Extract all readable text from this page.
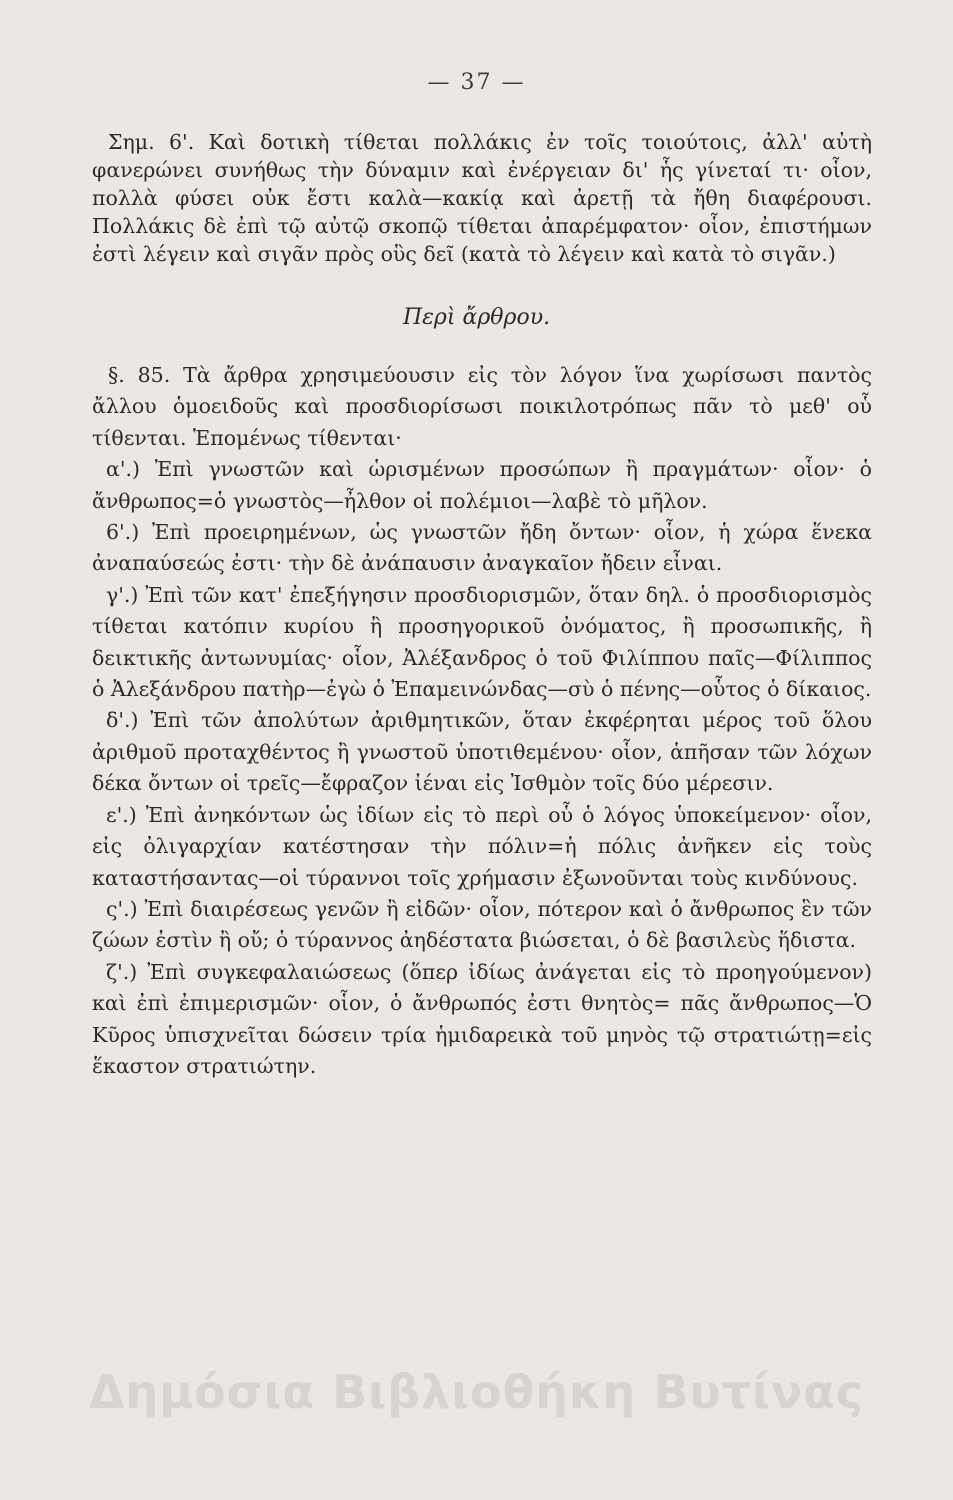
— 37 —

Σημ. 6'. Καὶ δοτικὴ τίθεται πολλάκις ἐν τοῖς τοιούτοις, ἀλλ' αὐτὴ φανερώνει συνήθως τὴν δύναμιν καὶ ἐνέργειαν δι' ἧς γίνεταί τι· οἷον, πολλὰ φύσει οὐκ ἔστι καλὰ—κακίᾳ καὶ ἀρετῇ τὰ ἤθη διαφέρουσι. Πολλάκις δὲ ἐπὶ τῷ αὐτῷ σκοπῷ τίθεται ἀπαρέμφατον· οἷον, ἐπιστήμων ἐστὶ λέγειν καὶ σιγᾶν πρὸς οὓς δεῖ (κατὰ τὸ λέγειν καὶ κατὰ τὸ σιγᾶν.)

Περὶ ἄρθρου.

§. 85. Τὰ ἄρθρα χρησιμεύουσιν εἰς τὸν λόγον ἵνα χωρίσωσι παντὸς ἄλλου ὁμοειδοῦς καὶ προσδιορίσωσι ποικιλοτρόπως πᾶν τὸ μεθ' οὗ τίθενται. Ἑπομένως τίθενται·

α'.) Ἐπὶ γνωστῶν καὶ ὡρισμένων προσώπων ἢ πραγμάτων· οἷον· ὁ ἄνθρωπος=ὁ γνωστὸς—ἦλθον οἱ πολέμιοι—λαβὲ τὸ μῆλον.

6'.) Ἐπὶ προειρημένων, ὡς γνωστῶν ἤδη ὄντων· οἷον, ἡ χώρα ἕνεκα ἀναπαύσεώς ἐστι· τὴν δὲ ἀνάπαυσιν ἀναγκαῖον ἤδειν εἶναι.

γ'.) Ἐπὶ τῶν κατ' ἐπεξήγησιν προσδιορισμῶν, ὅταν δηλ. ὁ προσδιορισμὸς τίθεται κατόπιν κυρίου ἢ προσηγορικοῦ ὀνόματος, ἢ προσωπικῆς, ἢ δεικτικῆς ἀντωνυμίας· οἷον, Ἀλέξανδρος ὁ τοῦ Φιλίππου παῖς—Φίλιππος ὁ Ἀλεξάνδρου πατὴρ—ἐγὼ ὁ Ἐπαμεινώνδας—σὺ ὁ πένης—οὗτος ὁ δίκαιος.

δ'.) Ἐπὶ τῶν ἀπολύτων ἀριθμητικῶν, ὅταν ἐκφέρηται μέρος τοῦ ὅλου ἀριθμοῦ προταχθέντος ἢ γνωστοῦ ὑποτιθεμένου· οἷον, ἁπῆσαν τῶν λόχων δέκα ὄντων οἱ τρεῖς—ἔφραζον ἰέναι εἰς Ἰσθμὸν τοῖς δύο μέρεσιν.

ε'.) Ἐπὶ ἀνηκόντων ὡς ἰδίων εἰς τὸ περὶ οὗ ὁ λόγος ὑποκείμενον· οἷον, εἰς ὀλιγαρχίαν κατέστησαν τὴν πόλιν=ἡ πόλις ἀνῆκεν εἰς τοὺς καταστήσαντας—οἱ τύραννοι τοῖς χρήμασιν ἐξωνοῦνται τοὺς κινδύνους.

ς'.) Ἐπὶ διαιρέσεως γενῶν ἢ εἰδῶν· οἷον, πότερον καὶ ὁ ἄνθρωπος ἓν τῶν ζώων ἐστὶν ἢ οὔ; ὁ τύραννος ἀηδέστατα βιώσεται, ὁ δὲ βασιλεὺς ἥδιστα.

ζ'.) Ἐπὶ συγκεφαλαιώσεως (ὅπερ ἰδίως ἀνάγεται εἰς τὸ προηγούμενον) καὶ ἐπὶ ἐπιμερισμῶν· οἷον, ὁ ἄνθρωπός ἐστι θνητὸς= πᾶς ἄνθρωπος—Ὁ Κῦρος ὑπισχνεῖται δώσειν τρία ἡμιδαρεικὰ τοῦ μηνὸς τῷ στρατιώτῃ=εἰς ἕκαστον στρατιώτην.

Δημόσια Βιβλιοθήκη Βυτίνας
